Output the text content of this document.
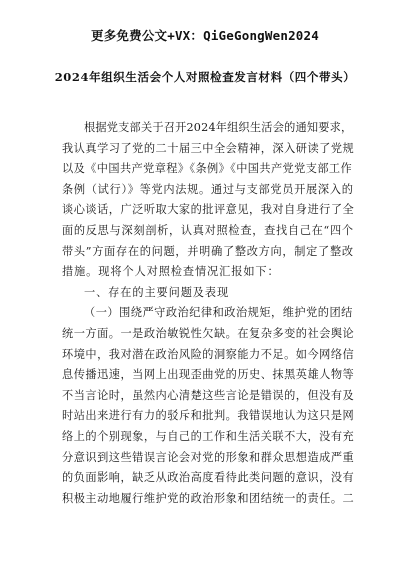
更多免费公文+VX：QiGeGongWen2024
2024年组织生活会个人对照检查发言材料（四个带头）
根据党支部关于召开2024年组织生活会的通知要求，
我认真学习了党的二十届三中全会精神，深入研读了党规
以及《中国共产党章程》《条例》《中国共产党党支部工作
条例（试行）》等党内法规。通过与支部党员开展深入的
谈心谈话，广泛听取大家的批评意见，我对自身进行了全
面的反思与深刻剖析，认真对照检查，查找自己在“四个
带头”方面存在的问题，并明确了整改方向，制定了整改
措施。现将个人对照检查情况汇报如下：
一、存在的主要问题及表现
（一）围绕严守政治纪律和政治规矩，维护党的团结
统一方面。一是政治敏锐性欠缺。在复杂多变的社会舆论
环境中，我对潜在政治风险的洞察能力不足。如今网络信
息传播迅速，当网上出现歪曲党的历史、抹黑英雄人物等
不当言论时，虽然内心清楚这些言论是错误的，但没有及
时站出来进行有力的驳斥和批判。我错误地认为这只是网
络上的个别现象，与自己的工作和生活关联不大，没有充
分意识到这些错误言论会对党的形象和群众思想造成严重
的负面影响，缺乏从政治高度看待此类问题的意识，没有
积极主动地履行维护党的政治形象和团结统一的责任。二
